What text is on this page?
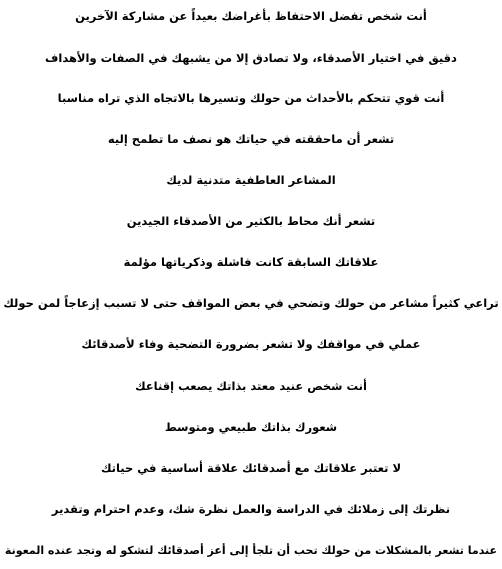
أنت شخص تفضل الاحتفاظ بأغراضك بعيداً عن مشاركة الآخرين
دقيق في اختيار الأصدقاء، ولا تصادق إلا من يشبهك في الصفات والأهداف
أنت قوي تتحكم بالأحداث من حولك وتسيرها بالاتجاه الذي تراه مناسبا
تشعر أن ماحققته في حياتك هو نصف ما تطمح إليه
المشاعر العاطفية متدنية لديك
تشعر أنك محاط بالكثير من الأصدقاء الجيدين
علاقاتك السابقة كانت فاشلة وذكرياتها مؤلمة
تراعي كثيراً مشاعر من حولك وتضحي في بعض المواقف حتى لا تسبب إزعاجاً لمن حولك
عملي في مواقفك ولا تشعر بضرورة التضحية وفاء لأصدقائك
أنت شخص عنيد معتد بذاتك يصعب إقناعك
شعورك بذاتك طبيعي ومتوسط
لا تعتبر علاقاتك مع أصدقائك علاقة أساسية في حياتك
نظرتك إلى زملائك في الدراسة والعمل نظرة شك، وعدم احترام وتقدير
عندما تشعر بالمشكلات من حولك تحب أن تلجأ إلى أعز أصدقائك لتشكو له وتجد عنده المعونة
